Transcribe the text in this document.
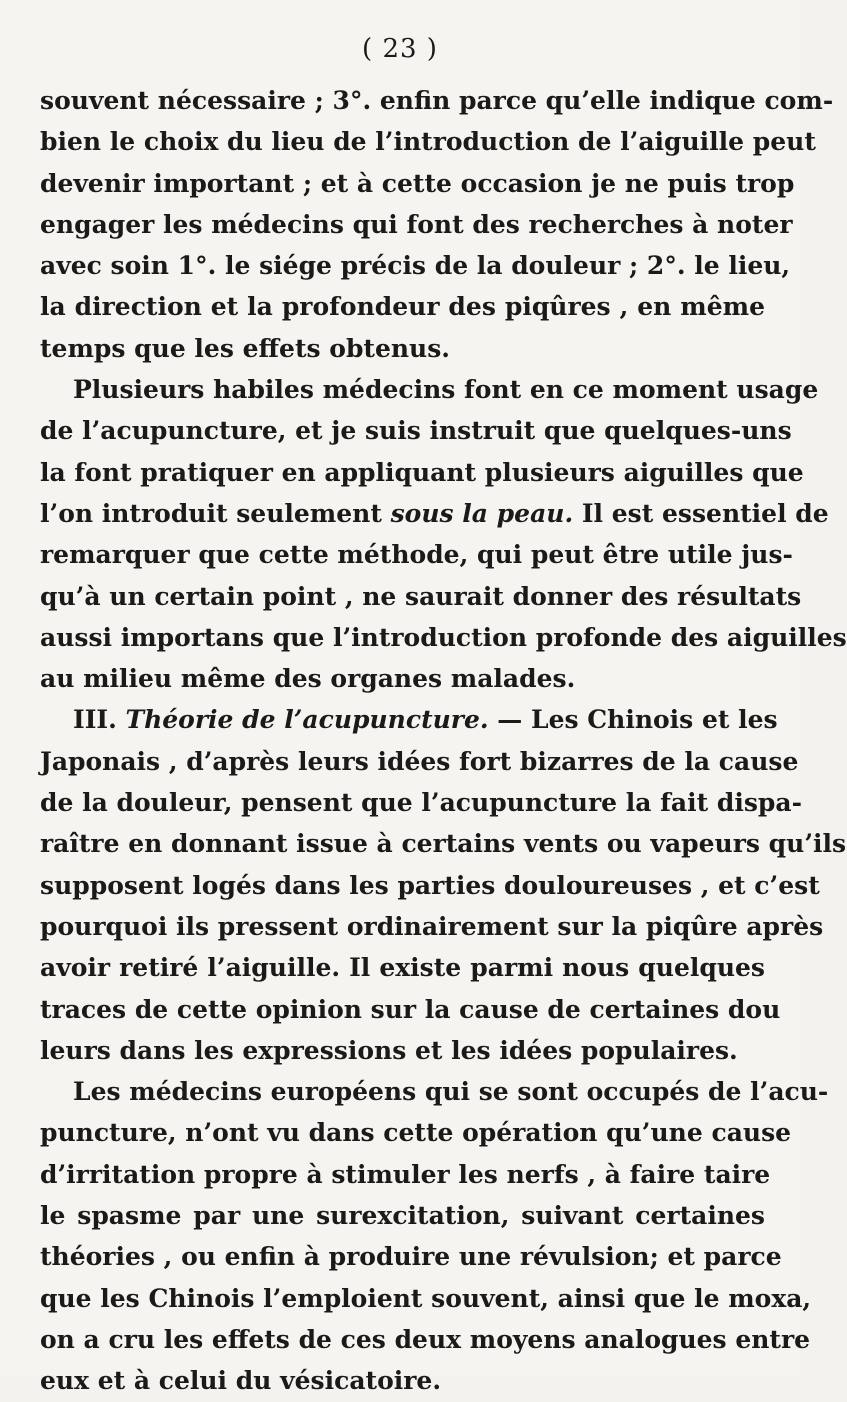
( 23 )
souvent nécessaire ; 3°. enfin parce qu’elle indique com-
bien le choix du lieu de l’introduction de l’aiguille peut
devenir important ; et à cette occasion je ne puis trop
engager les médecins qui font des recherches à noter
avec soin 1°. le siége précis de la douleur ; 2°. le lieu,
la direction et la profondeur des piqûres , en même
temps que les effets obtenus.
Plusieurs habiles médecins font en ce moment usage
de l’acupuncture, et je suis instruit que quelques-uns
la font pratiquer en appliquant plusieurs aiguilles que
l’on introduit seulement sous la peau. Il est essentiel de
remarquer que cette méthode, qui peut être utile jus-
qu’à un certain point , ne saurait donner des résultats
aussi importans que l’introduction profonde des aiguilles
au milieu même des organes malades.
III. Théorie de l’acupuncture. — Les Chinois et les
Japonais , d’après leurs idées fort bizarres de la cause
de la douleur, pensent que l’acupuncture la fait dispa-
raître en donnant issue à certains vents ou vapeurs qu’ils
supposent logés dans les parties douloureuses , et c’est
pourquoi ils pressent ordinairement sur la piqûre après
avoir retiré l’aiguille. Il existe parmi nous quelques
traces de cette opinion sur la cause de certaines dou
leurs dans les expressions et les idées populaires.
Les médecins européens qui se sont occupés de l’acu-
puncture, n’ont vu dans cette opération qu’une cause
d’irritation propre à stimuler les nerfs , à faire taire
le spasme par une surexcitation, suivant certaines
théories , ou enfin à produire une révulsion; et parce
que les Chinois l’emploient souvent, ainsi que le moxa,
on a cru les effets de ces deux moyens analogues entre
eux et à celui du vésicatoire.
